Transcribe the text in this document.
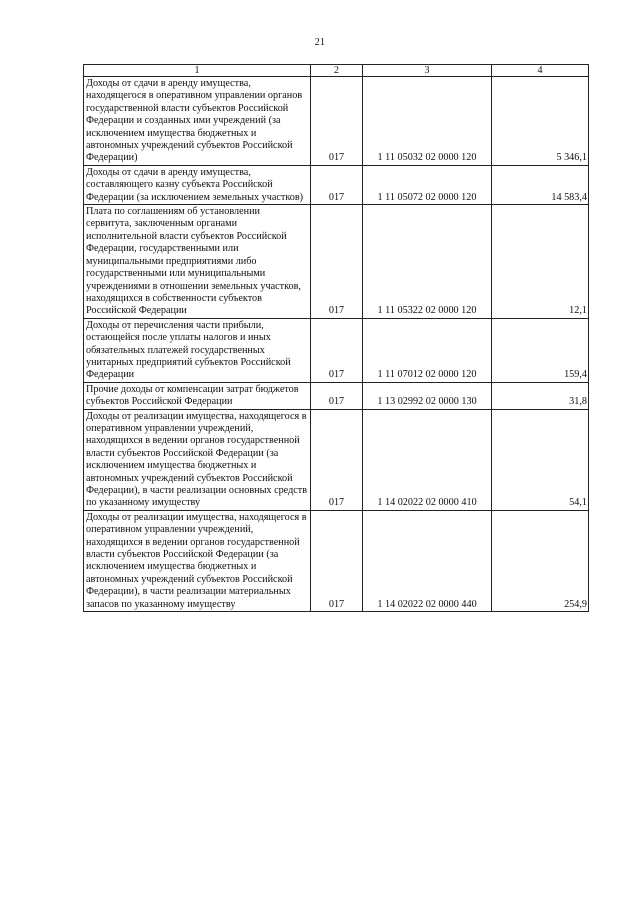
21
1	2	3	4
Доходы от сдачи в аренду имущества, находящегося в оперативном управлении органов государственной власти субъектов Российской Федерации и созданных ими учреждений (за исключением имущества бюджетных и автономных учреждений субъектов Российской Федерации)	017	1 11 05032 02 0000 120	5 346,1
Доходы от сдачи в аренду имущества, составляющего казну субъекта Российской Федерации (за исключением земельных участков)	017	1 11 05072 02 0000 120	14 583,4
Плата по соглашениям об установлении сервитута, заключенным органами исполнительной власти субъектов Российской Федерации, государственными или муниципальными предприятиями либо государственными или муниципальными учреждениями в отношении земельных участков, находящихся в собственности субъектов Российской Федерации	017	1 11 05322 02 0000 120	12,1
Доходы от перечисления части прибыли, остающейся после уплаты налогов и иных обязательных платежей государственных унитарных предприятий субъектов Российской Федерации	017	1 11 07012 02 0000 120	159,4
Прочие доходы от компенсации затрат бюджетов субъектов Российской Федерации	017	1 13 02992 02 0000 130	31,8
Доходы от реализации имущества, находящегося в оперативном управлении учреждений, находящихся в ведении органов государственной власти субъектов Российской Федерации (за исключением имущества бюджетных и автономных учреждений субъектов Российской Федерации), в части реализации основных средств по указанному имуществу	017	1 14 02022 02 0000 410	54,1
Доходы от реализации имущества, находящегося в оперативном управлении учреждений, находящихся в ведении органов государственной власти субъектов Российской Федерации (за исключением имущества бюджетных и автономных учреждений субъектов Российской Федерации), в части реализации материальных запасов по указанному имуществу	017	1 14 02022 02 0000 440	254,9
